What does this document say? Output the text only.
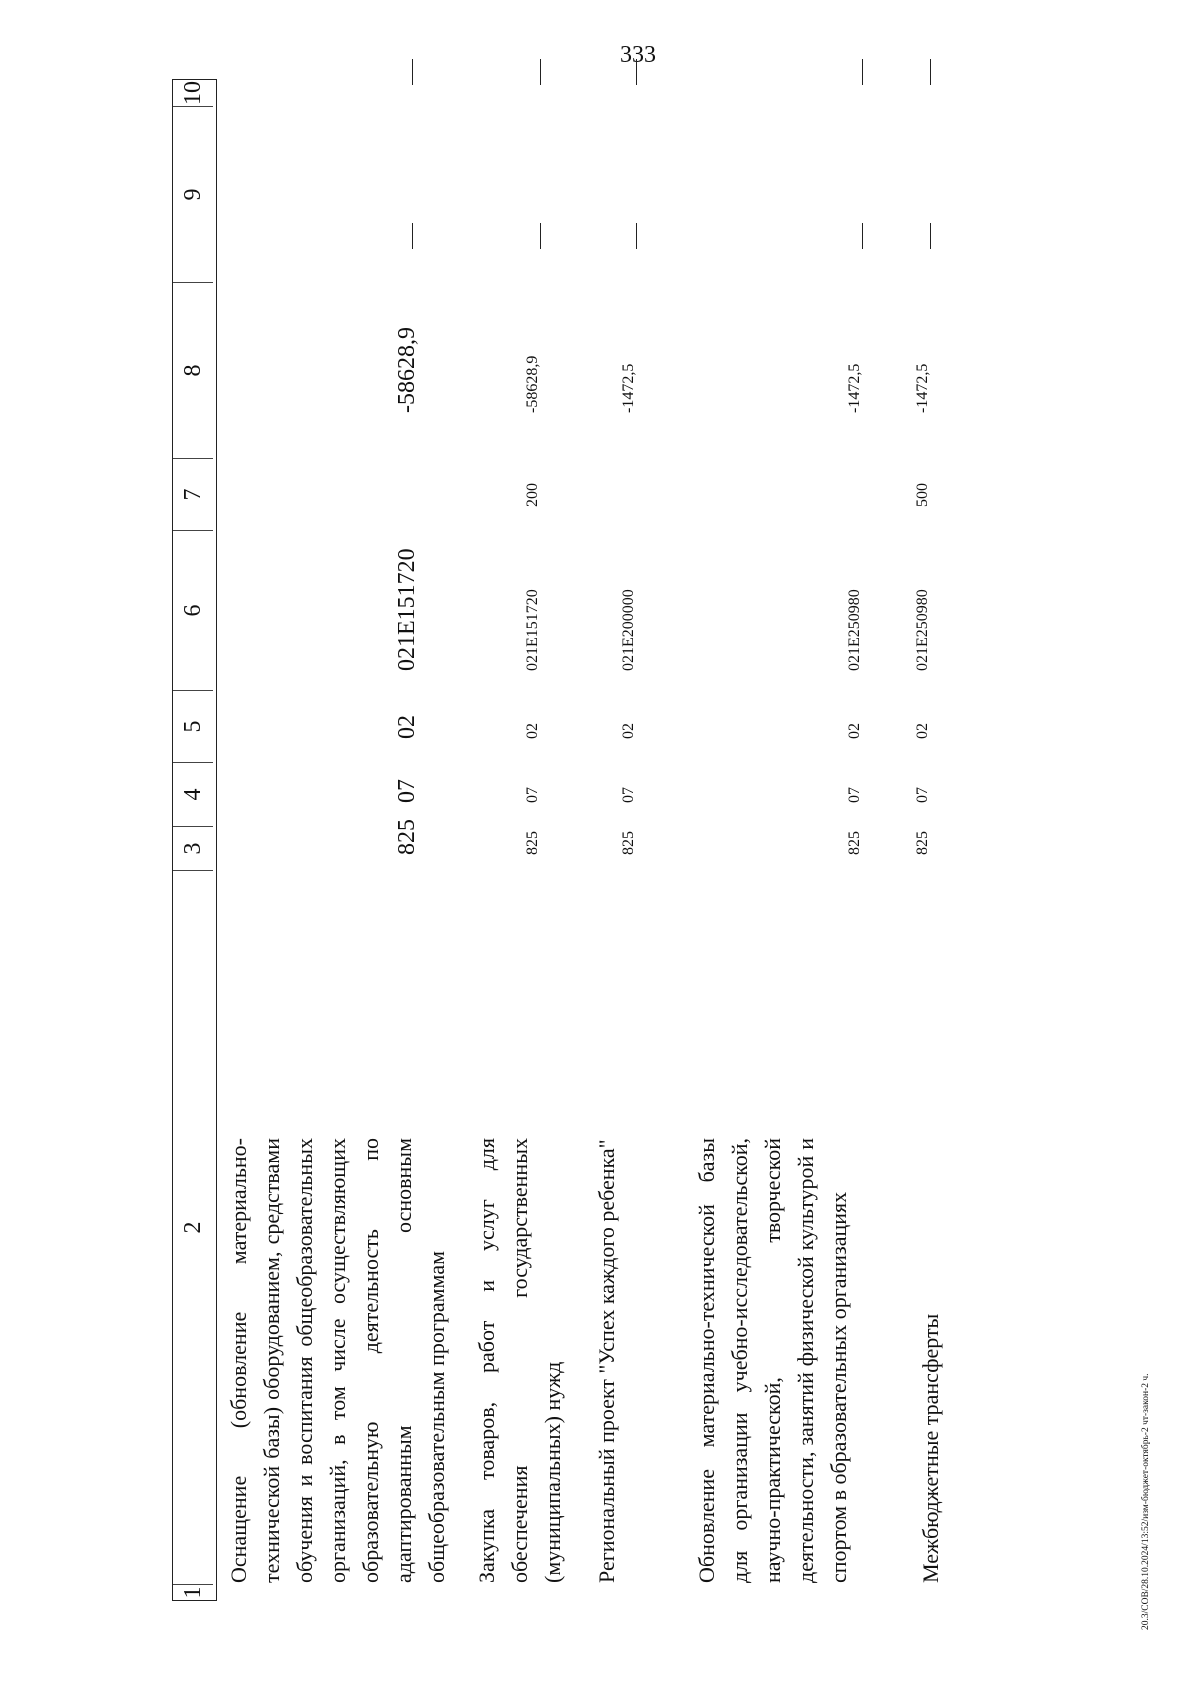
333
20.3/СОВ/28.10.2024/13:52/изм-бюджет-октябрь-2 чт-закон-2 ч.
1
2
3
4
5
6
7
8
9
10
Оснащение (обновление материально-технической базы) оборудованием, средствами обучения и воспитания общеобразовательных организаций, в том числе осуществляющих образовательную деятельность по адаптированным основным общеобразовательным программам
825
07
02
021Е151720
-58628,9
Закупка товаров, работ и услуг для обеспечения государственных (муниципальных) нужд
825
07
02
021Е151720
200
-58628,9
Региональный проект "Успех каждого ребенка"
825
07
02
021Е200000
-1472,5
Обновление материально-технической базы для организации учебно-исследовательской, научно-практической, творческой деятельности, занятий физической культурой и спортом в образовательных организациях
825
07
02
021Е250980
-1472,5
Межбюджетные трансферты
825
07
02
021Е250980
500
-1472,5
